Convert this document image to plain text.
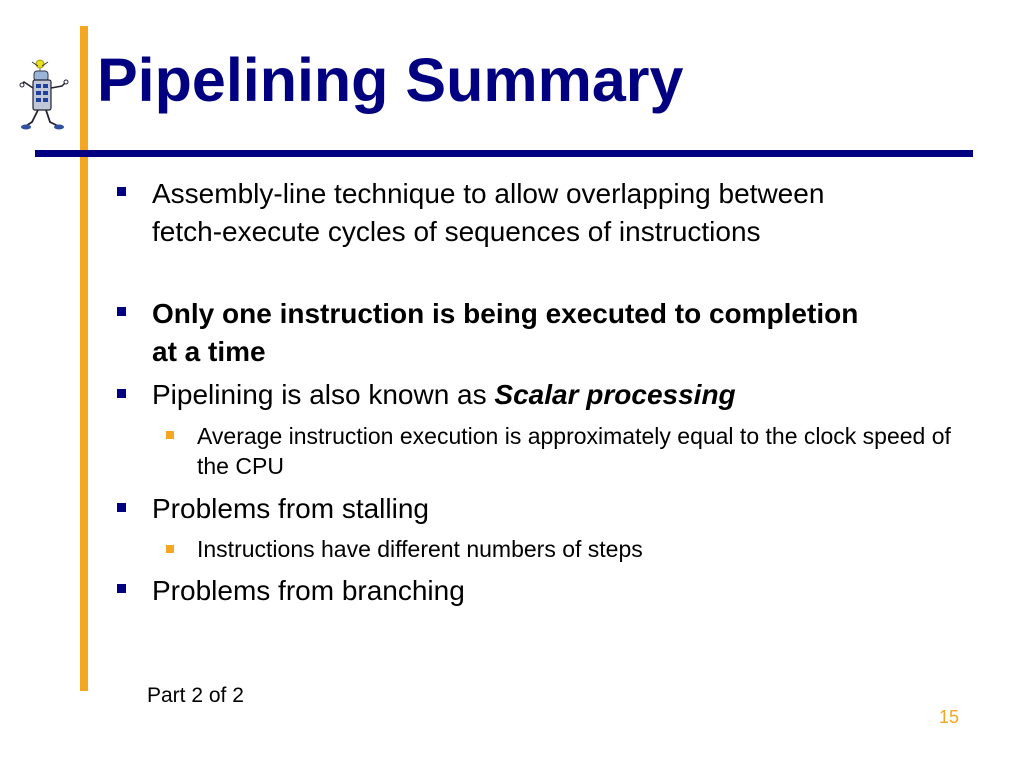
Pipelining Summary
Assembly-line technique to allow overlapping between fetch-execute cycles of sequences of instructions
Only one instruction is being executed to completion at a time
Pipelining is also known as Scalar processing
Average instruction execution is approximately equal to the clock speed of the CPU
Problems from stalling
Instructions have different numbers of steps
Problems from branching
Part 2 of 2
15
